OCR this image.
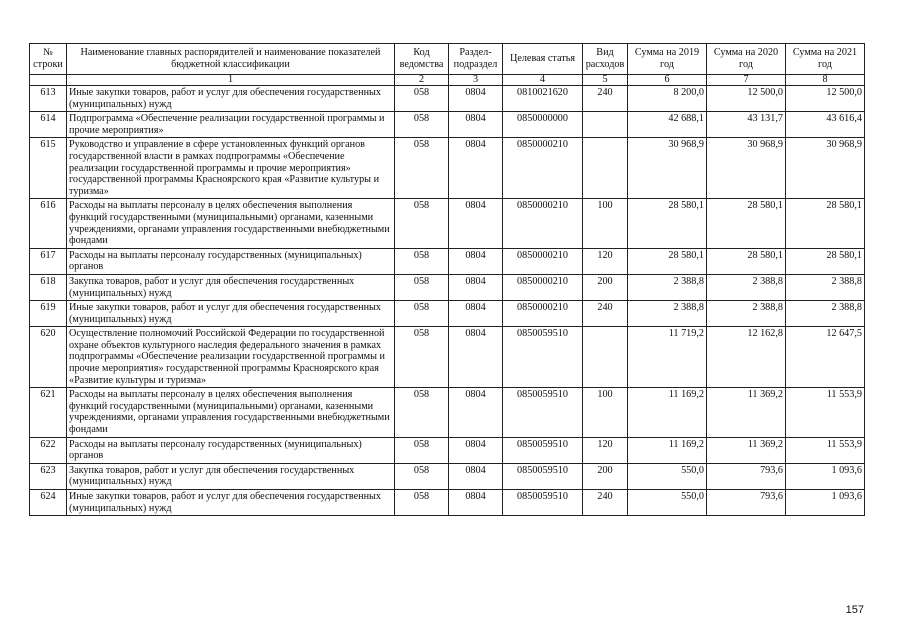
№ строки	Наименование главных распорядителей и наименование показателей бюджетной классификации	Код ведомства	Раздел-подраздел	Целевая статья	Вид расходов	Сумма на 2019 год	Сумма на 2020 год	Сумма на 2021 год
	1	2	3	4	5	6	7	8
613	Иные закупки товаров, работ и услуг для обеспечения государственных (муниципальных) нужд	058	0804	0810021620	240	8 200,0	12 500,0	12 500,0
614	Подпрограмма «Обеспечение реализации государственной программы и прочие мероприятия»	058	0804	0850000000		42 688,1	43 131,7	43 616,4
615	Руководство и управление в сфере установленных функций органов государственной власти в рамках подпрограммы «Обеспечение реализации государственной программы и прочие мероприятия» государственной программы Красноярского края «Развитие культуры и туризма»	058	0804	0850000210		30 968,9	30 968,9	30 968,9
616	Расходы на выплаты персоналу в целях обеспечения выполнения функций государственными (муниципальными) органами, казенными учреждениями, органами управления государственными внебюджетными фондами	058	0804	0850000210	100	28 580,1	28 580,1	28 580,1
617	Расходы на выплаты персоналу государственных (муниципальных) органов	058	0804	0850000210	120	28 580,1	28 580,1	28 580,1
618	Закупка товаров, работ и услуг для обеспечения государственных (муниципальных) нужд	058	0804	0850000210	200	2 388,8	2 388,8	2 388,8
619	Иные закупки товаров, работ и услуг для обеспечения государственных (муниципальных) нужд	058	0804	0850000210	240	2 388,8	2 388,8	2 388,8
620	Осуществление полномочий Российской Федерации по государственной охране объектов культурного наследия федерального значения в рамках подпрограммы «Обеспечение реализации государственной программы и прочие мероприятия» государственной программы Красноярского края «Развитие культуры и туризма»	058	0804	0850059510		11 719,2	12 162,8	12 647,5
621	Расходы на выплаты персоналу в целях обеспечения выполнения функций государственными (муниципальными) органами, казенными учреждениями, органами управления государственными внебюджетными фондами	058	0804	0850059510	100	11 169,2	11 369,2	11 553,9
622	Расходы на выплаты персоналу государственных (муниципальных) органов	058	0804	0850059510	120	11 169,2	11 369,2	11 553,9
623	Закупка товаров, работ и услуг для обеспечения государственных (муниципальных) нужд	058	0804	0850059510	200	550,0	793,6	1 093,6
624	Иные закупки товаров, работ и услуг для обеспечения государственных (муниципальных) нужд	058	0804	0850059510	240	550,0	793,6	1 093,6
157
